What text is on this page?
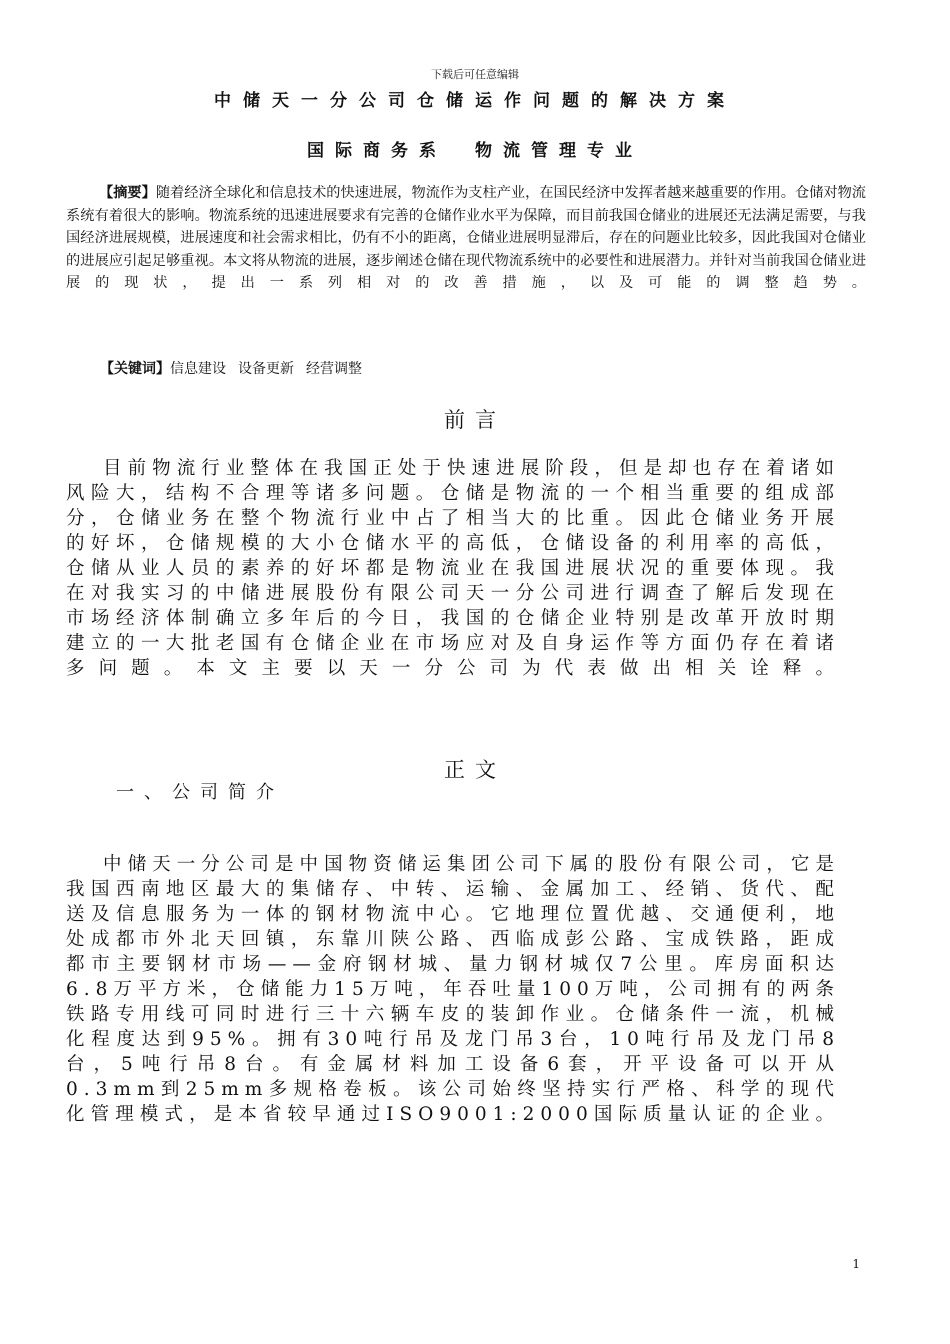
下载后可任意编辑
中储天一分公司仓储运作问题的解决方案
国际商务系　物流管理专业

【摘要】随着经济全球化和信息技术的快速进展，物流作为支柱产业，在国民经济中发挥者越来越重要的作用。仓储对物流系统有着很大的影响。物流系统的迅速进展要求有完善的仓储作业水平为保障，而目前我国仓储业的进展还无法满足需要，与我国经济进展规模，进展速度和社会需求相比，仍有不小的距离，仓储业进展明显滞后，存在的问题业比较多，因此我国对仓储业的进展应引起足够重视。本文将从物流的进展，逐步阐述仓储在现代物流系统中的必要性和进展潜力。并针对当前我国仓储业进展的现状，提出一系列相对的改善措施，以及可能的调整趋势。

【关键词】信息建设 设备更新 经营调整
前言

目前物流行业整体在我国正处于快速进展阶段，但是却也存在着诸如风险大，结构不合理等诸多问题。仓储是物流的一个相当重要的组成部分，仓储业务在整个物流行业中占了相当大的比重。因此仓储业务开展的好坏，仓储规模的大小仓储水平的高低，仓储设备的利用率的高低，仓储从业人员的素养的好坏都是物流业在我国进展状况的重要体现。我在对我实习的中储进展股份有限公司天一分公司进行调查了解后发现在市场经济体制确立多年后的今日，我国的仓储企业特别是改革开放时期建立的一大批老国有仓储企业在市场应对及自身运作等方面仍存在着诸多问题。本文主要以天一分公司为代表做出相关诠释。

正文
一、公司简介

中储天一分公司是中国物资储运集团公司下属的股份有限公司，它是我国西南地区最大的集储存、中转、运输、金属加工、经销、货代、配送及信息服务为一体的钢材物流中心。它地理位置优越、交通便利，地处成都市外北天回镇，东靠川陕公路、西临成彭公路、宝成铁路，距成都市主要钢材市场——金府钢材城、量力钢材城仅7公里。库房面积达6.8万平方米，仓储能力15万吨，年吞吐量100万吨，公司拥有的两条铁路专用线可同时进行三十六辆车皮的装卸作业。仓储条件一流，机械化程度达到95%。拥有30吨行吊及龙门吊3台，10吨行吊及龙门吊8台，5吨行吊8台。有金属材料加工设备6套，开平设备可以开从0.3mm到25mm多规格卷板。该公司始终坚持实行严格、科学的现代化管理模式，是本省较早通过ISO9001:2000国际质量认证的企业。

1
